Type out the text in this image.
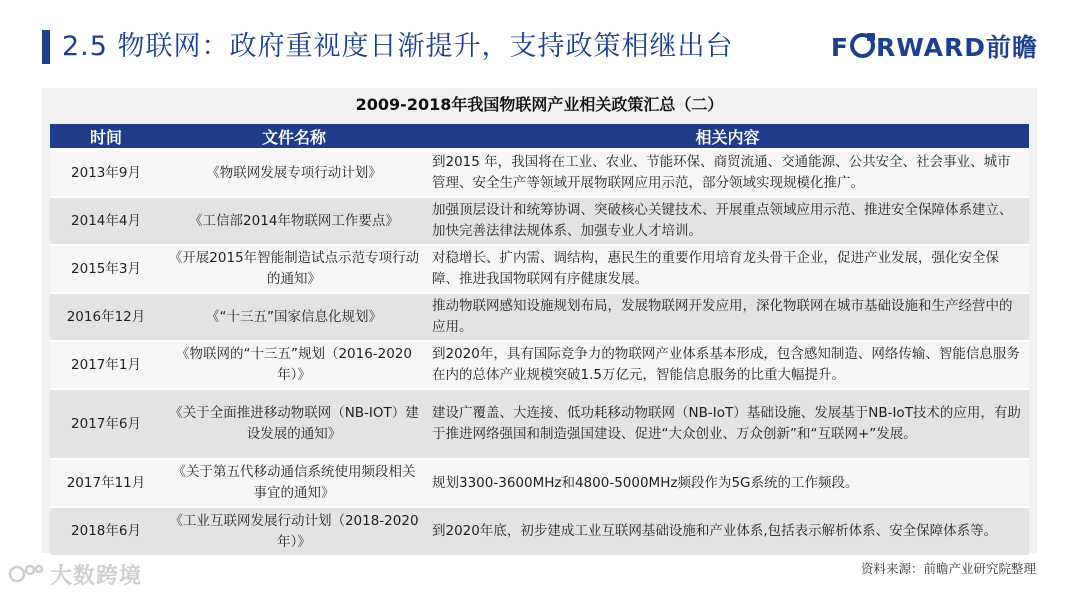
2.5 物联网：政府重视度日渐提升，支持政策相继出台	F RWARD前瞻
2009-2018年我国物联网产业相关政策汇总（二）
时间	文件名称	相关内容
2013年9月	《物联网发展专项行动计划》	到2015 年，我国将在工业、农业、节能环保、商贸流通、交通能源、公共安全、社会事业、城市管理、安全生产等领域开展物联网应用示范，部分领域实现规模化推广。
2014年4月	《工信部2014年物联网工作要点》	加强顶层设计和统筹协调、突破核心关键技术、开展重点领域应用示范、推进安全保障体系建立、加快完善法律法规体系、加强专业人才培训。
2015年3月	《开展2015年智能制造试点示范专项行动的通知》	对稳增长、扩内需、调结构，惠民生的重要作用培育龙头骨干企业，促进产业发展，强化安全保障、推进我国物联网有序健康发展。
2016年12月	《“十三五”国家信息化规划》	推动物联网感知设施规划布局，发展物联网开发应用，深化物联网在城市基础设施和生产经营中的应用。
2017年1月	《物联网的“十三五”规划（2016-2020年）》	到2020年，具有国际竞争力的物联网产业体系基本形成，包含感知制造、网络传输、智能信息服务在内的总体产业规模突破1.5万亿元，智能信息服务的比重大幅提升。
2017年6月	《关于全面推进移动物联网（NB-IOT）建设发展的通知》	建设广覆盖、大连接、低功耗移动物联网（NB-IoT）基础设施、发展基于NB-IoT技术的应用，有助于推进网络强国和制造强国建设、促进“大众创业、万众创新”和“互联网+”发展。
2017年11月	《关于第五代移动通信系统使用频段相关事宜的通知》	规划3300-3600MHz和4800-5000MHz频段作为5G系统的工作频段。
2018年6月	《工业互联网发展行动计划（2018-2020年）》	到2020年底，初步建成工业互联网基础设施和产业体系,包括表示解析体系、安全保障体系等。
大数跨境	资料来源：前瞻产业研究院整理
